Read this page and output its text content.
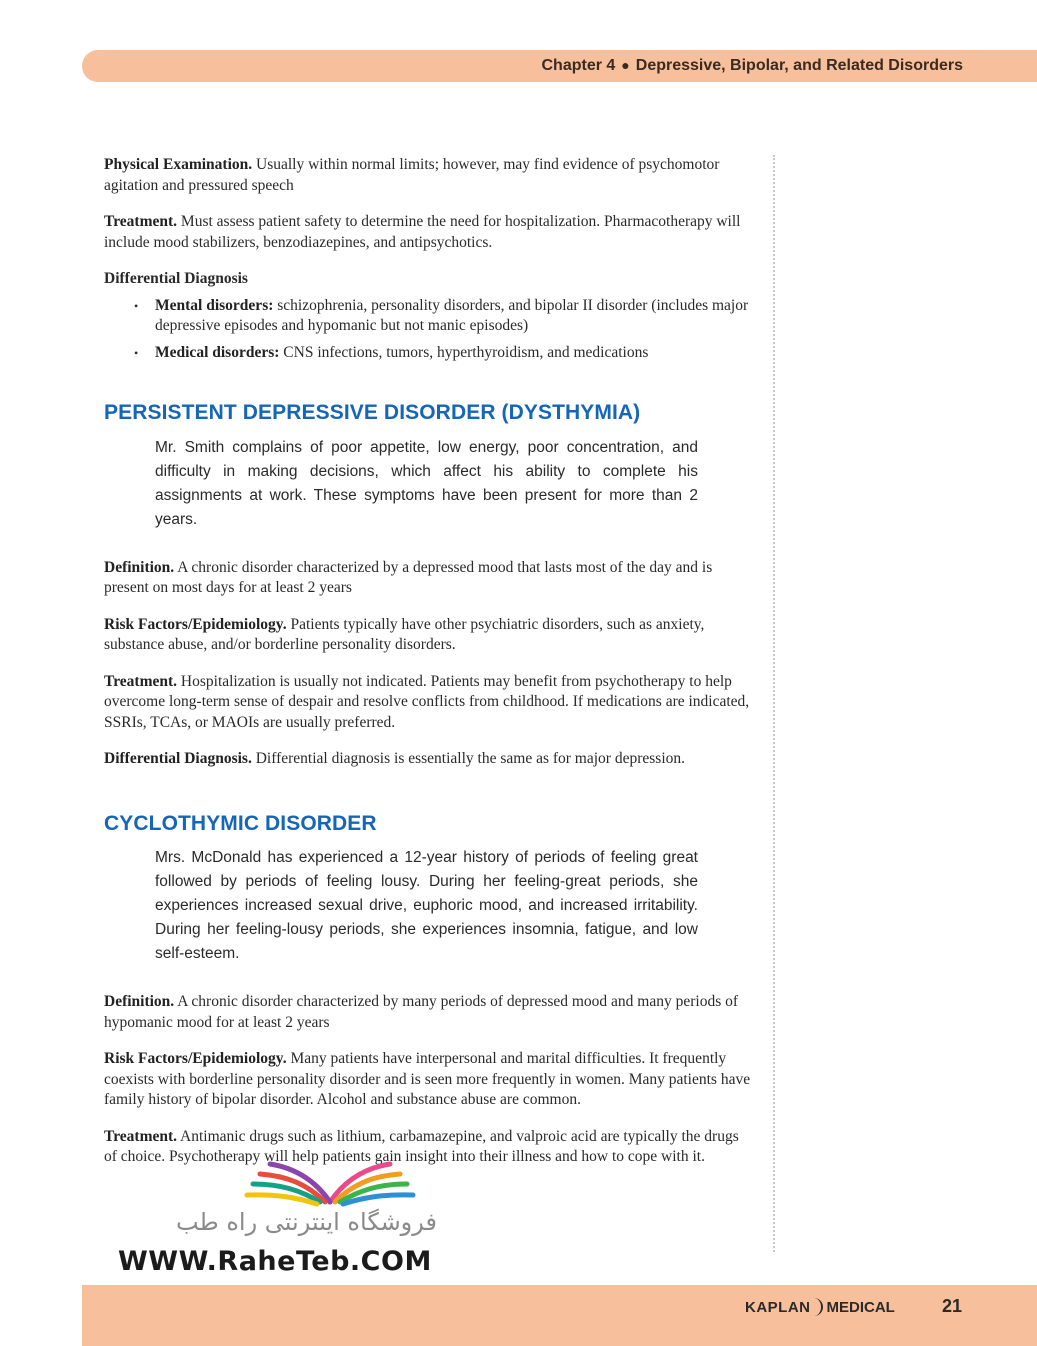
Chapter 4 ● Depressive, Bipolar, and Related Disorders

Physical Examination. Usually within normal limits; however, may find evidence of psychomotor agitation and pressured speech

Treatment. Must assess patient safety to determine the need for hospitalization. Pharmacotherapy will include mood stabilizers, benzodiazepines, and antipsychotics.

Differential Diagnosis

• Mental disorders: schizophrenia, personality disorders, and bipolar II disorder (includes major depressive episodes and hypomanic but not manic episodes)
• Medical disorders: CNS infections, tumors, hyperthyroidism, and medications
PERSISTENT DEPRESSIVE DISORDER (DYSTHYMIA)
Mr. Smith complains of poor appetite, low energy, poor concentration, and difficulty in making decisions, which affect his ability to complete his assignments at work. These symptoms have been present for more than 2 years.

Definition. A chronic disorder characterized by a depressed mood that lasts most of the day and is present on most days for at least 2 years

Risk Factors/Epidemiology. Patients typically have other psychiatric disorders, such as anxiety, substance abuse, and/or borderline personality disorders.

Treatment. Hospitalization is usually not indicated. Patients may benefit from psychotherapy to help overcome long-term sense of despair and resolve conflicts from childhood. If medications are indicated, SSRIs, TCAs, or MAOIs are usually preferred.

Differential Diagnosis. Differential diagnosis is essentially the same as for major depression.

CYCLOTHYMIC DISORDER
Mrs. McDonald has experienced a 12-year history of periods of feeling great followed by periods of feeling lousy. During her feeling-great periods, she experiences increased sexual drive, euphoric mood, and increased irritability. During her feeling-lousy periods, she experiences insomnia, fatigue, and low self-esteem.

Definition. A chronic disorder characterized by many periods of depressed mood and many periods of hypomanic mood for at least 2 years

Risk Factors/Epidemiology. Many patients have interpersonal and marital difficulties. It frequently coexists with borderline personality disorder and is seen more frequently in women. Many patients have family history of bipolar disorder. Alcohol and substance abuse are common.

Treatment. Antimanic drugs such as lithium, carbamazepine, and valproic acid are typically the drugs of choice. Psychotherapy will help patients gain insight into their illness and how to cope with it.

فروشگاه اینترنتی راه طب
WWW.RaheTeb.COM
KAPLAN MEDICAL	21
